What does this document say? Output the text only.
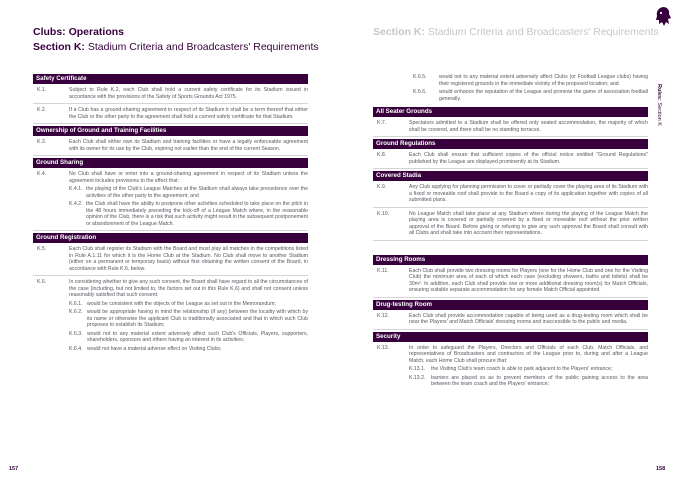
Clubs: Operations
Section K: Stadium Criteria and Broadcasters' Requirements
Section K: Stadium Criteria and Broadcasters' Requirements
Rules: Section K
Safety Certificate
K.1.	Subject to Rule K.2, each Club shall hold a current safety certificate for its Stadium issued in accordance with the provisions of the Safety of Sports Grounds Act 1975.
K.2.	If a Club has a ground-sharing agreement in respect of its Stadium it shall be a term thereof that either the Club or the other party to the agreement shall hold a current safety certificate for that Stadium.
Ownership of Ground and Training Facilities
K.3.	Each Club shall either own its Stadium and training facilities or have a legally enforceable agreement with its owner for its use by the Club, expiring not earlier than the end of the current Season.
Ground Sharing
K.4.	No Club shall have or enter into a ground-sharing agreement in respect of its Stadium unless the agreement includes provisions to the effect that:
K.4.1. the playing of the Club's League Matches at the Stadium shall always take precedence over the activities of the other party to the agreement; and
K.4.2. the Club shall have the ability to postpone other activities scheduled to take place on the pitch in the 48 hours immediately preceding the kick-off of a League Match where, in the reasonable opinion of the Club, there is a risk that such activity might result in the subsequent postponement or abandonment of the League Match.
Ground Registration
K.5.	Each Club shall register its Stadium with the Board and must play all matches in the competitions listed in Rule A.1.11 for which it is the Home Club at the Stadium. No Club shall move to another Stadium (either on a permanent or temporary basis) without first obtaining the written consent of the Board, in accordance with Rule K.6, below.
K.6.	In considering whether to give any such consent, the Board shall have regard to all the circumstances of the case (including, but not limited to, the factors set out in this Rule K.6) and shall not consent unless reasonably satisfied that such consent:
K.6.1. would be consistent with the objects of the League as set out in the Memorandum;
K.6.2. would be appropriate having in mind the relationship (if any) between the locality with which by its name or otherwise the applicant Club is traditionally associated and that in which such Club proposes to establish its Stadium;
K.6.3. would not to any material extent adversely affect such Club's Officials, Players, supporters, shareholders, sponsors and others having an interest in its activities;
K.6.4. would not have a material adverse effect on Visiting Clubs;
K.6.5.	would not to any material extent adversely affect Clubs (or Football League clubs) having their registered grounds in the immediate vicinity of the proposed location; and
K.6.6.	would enhance the reputation of the League and promote the game of association football generally.
All Seater Grounds
K.7.	Spectators admitted to a Stadium shall be offered only seated accommodation, the majority of which shall be covered, and there shall be no standing terraces.
Ground Regulations
K.8.	Each Club shall ensure that sufficient copies of the official notice entitled "Ground Regulations" published by the League are displayed prominently at its Stadium.
Covered Stadia
K.9.	Any Club applying for planning permission to cover or partially cover the playing area of its Stadium with a fixed or moveable roof shall provide to the Board a copy of its application together with copies of all submitted plans.
K.10.	No League Match shall take place at any Stadium where during the playing of the League Match the playing area is covered or partially covered by a fixed or moveable roof without the prior written approval of the Board. Before giving or refusing to give any such approval the Board shall consult with all Clubs and shall take into account their representations.
Dressing Rooms
K.11.	Each Club shall provide two dressing rooms for Players (one for the Home Club and one for the Visiting Club) the minimum area of each of which each case (excluding showers, baths and toilets) shall be 30m². In addition, each Club shall provide one or more additional dressing room(s) for Match Officials, ensuring suitable separate accommodation for any female Match Official appointed.
Drug-testing Room
K.12.	Each Club shall provide accommodation capable of being used as a drug-testing room which shall be near the Players' and Match Officials' dressing rooms and inaccessible to the public and media.
Security
K.13.	In order to safeguard the Players, Directors and Officials of each Club, Match Officials, and representatives of Broadcasters and contractors of the League prior to, during and after a League Match, each Home Club shall procure that:
K.13.1.	the Visiting Club's team coach is able to park adjacent to the Players' entrance;
K.13.2.	barriers are placed so as to prevent members of the public gaining access to the area between the team coach and the Players' entrance;
157	158
